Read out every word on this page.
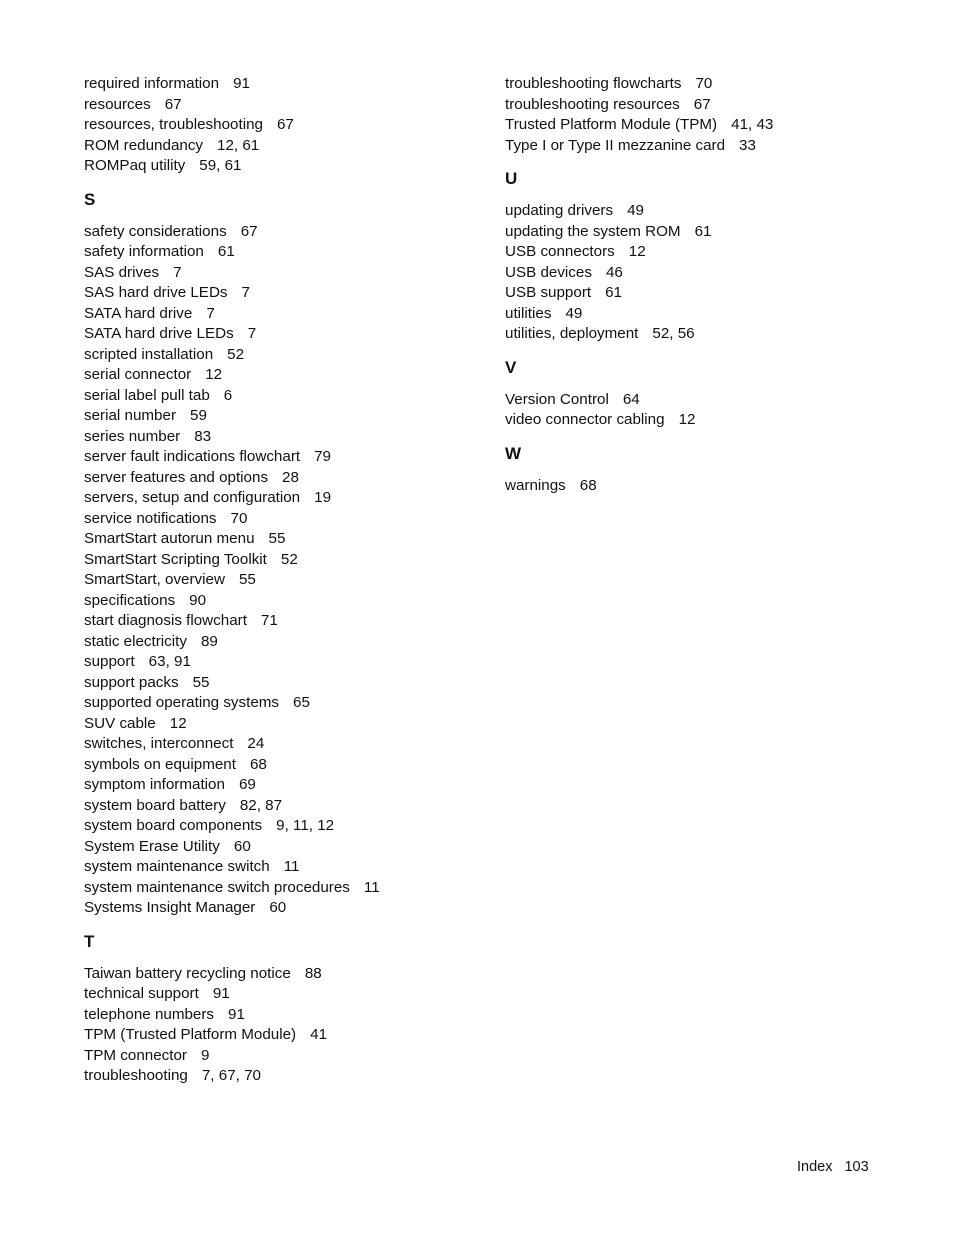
required information 91
resources 67
resources, troubleshooting 67
ROM redundancy 12, 61
ROMPaq utility 59, 61
S
safety considerations 67
safety information 61
SAS drives 7
SAS hard drive LEDs 7
SATA hard drive 7
SATA hard drive LEDs 7
scripted installation 52
serial connector 12
serial label pull tab 6
serial number 59
series number 83
server fault indications flowchart 79
server features and options 28
servers, setup and configuration 19
service notifications 70
SmartStart autorun menu 55
SmartStart Scripting Toolkit 52
SmartStart, overview 55
specifications 90
start diagnosis flowchart 71
static electricity 89
support 63, 91
support packs 55
supported operating systems 65
SUV cable 12
switches, interconnect 24
symbols on equipment 68
symptom information 69
system board battery 82, 87
system board components 9, 11, 12
System Erase Utility 60
system maintenance switch 11
system maintenance switch procedures 11
Systems Insight Manager 60
T
Taiwan battery recycling notice 88
technical support 91
telephone numbers 91
TPM (Trusted Platform Module) 41
TPM connector 9
troubleshooting 7, 67, 70
troubleshooting flowcharts 70
troubleshooting resources 67
Trusted Platform Module (TPM) 41, 43
Type I or Type II mezzanine card 33
U
updating drivers 49
updating the system ROM 61
USB connectors 12
USB devices 46
USB support 61
utilities 49
utilities, deployment 52, 56
V
Version Control 64
video connector cabling 12
W
warnings 68
Index 103
